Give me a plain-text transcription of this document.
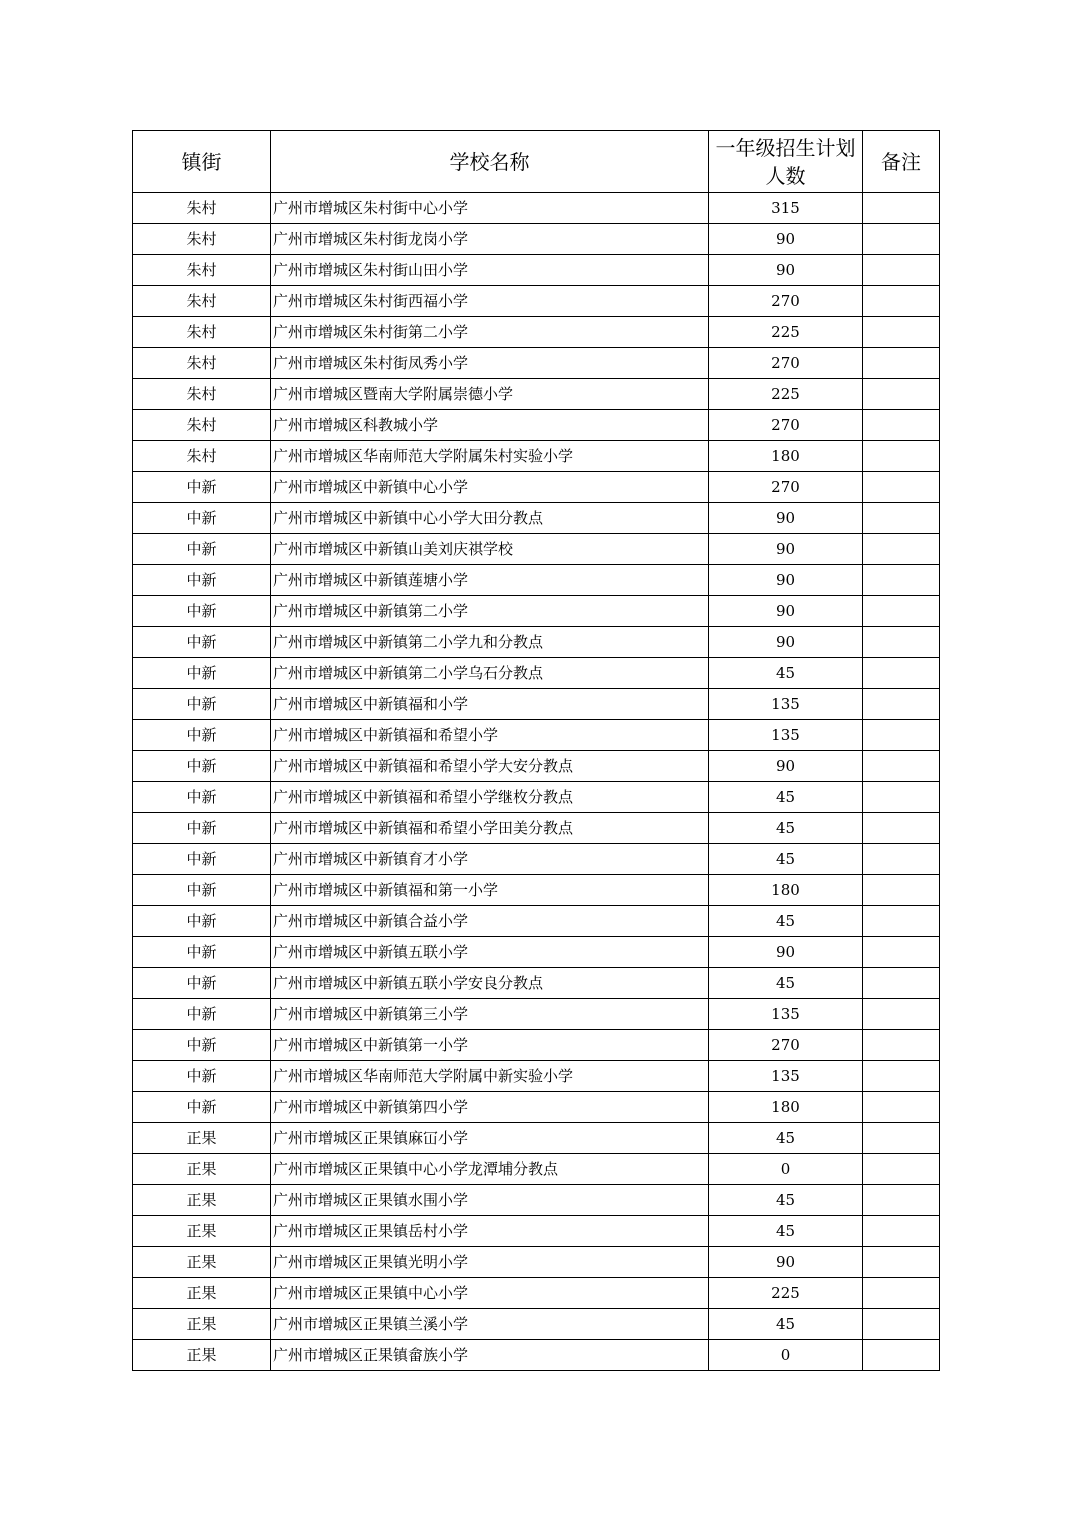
镇街	学校名称	一年级招生计划人数	备注
朱村	广州市增城区朱村街中心小学	315	
朱村	广州市增城区朱村街龙岗小学	90	
朱村	广州市增城区朱村街山田小学	90	
朱村	广州市增城区朱村街西福小学	270	
朱村	广州市增城区朱村街第二小学	225	
朱村	广州市增城区朱村街凤秀小学	270	
朱村	广州市增城区暨南大学附属崇德小学	225	
朱村	广州市增城区科教城小学	270	
朱村	广州市增城区华南师范大学附属朱村实验小学	180	
中新	广州市增城区中新镇中心小学	270	
中新	广州市增城区中新镇中心小学大田分教点	90	
中新	广州市增城区中新镇山美刘庆祺学校	90	
中新	广州市增城区中新镇莲塘小学	90	
中新	广州市增城区中新镇第二小学	90	
中新	广州市增城区中新镇第二小学九和分教点	90	
中新	广州市增城区中新镇第二小学乌石分教点	45	
中新	广州市增城区中新镇福和小学	135	
中新	广州市增城区中新镇福和希望小学	135	
中新	广州市增城区中新镇福和希望小学大安分教点	90	
中新	广州市增城区中新镇福和希望小学继枚分教点	45	
中新	广州市增城区中新镇福和希望小学田美分教点	45	
中新	广州市增城区中新镇育才小学	45	
中新	广州市增城区中新镇福和第一小学	180	
中新	广州市增城区中新镇合益小学	45	
中新	广州市增城区中新镇五联小学	90	
中新	广州市增城区中新镇五联小学安良分教点	45	
中新	广州市增城区中新镇第三小学	135	
中新	广州市增城区中新镇第一小学	270	
中新	广州市增城区华南师范大学附属中新实验小学	135	
中新	广州市增城区中新镇第四小学	180	
正果	广州市增城区正果镇麻冚小学	45	
正果	广州市增城区正果镇中心小学龙潭埔分教点	0	
正果	广州市增城区正果镇水围小学	45	
正果	广州市增城区正果镇岳村小学	45	
正果	广州市增城区正果镇光明小学	90	
正果	广州市增城区正果镇中心小学	225	
正果	广州市增城区正果镇兰溪小学	45	
正果	广州市增城区正果镇畲族小学	0	
